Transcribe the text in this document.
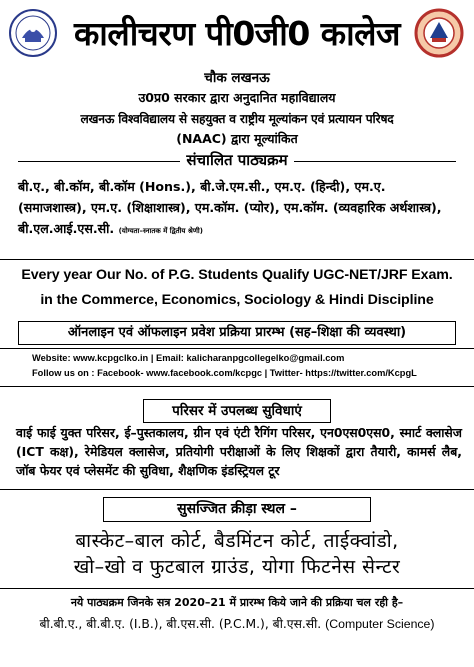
कालीचरण पी0जी0 कालेज
चौक लखनऊ
उ0प्र0 सरकार द्वारा अनुदानित महाविद्यालय
लखनऊ विश्वविद्यालय से सहयुक्त व राष्ट्रीय मूल्यांकन एवं प्रत्यायन परिषद
(NAAC) द्वारा मूल्यांकित
संचालित पाठ्यक्रम
बी.ए., बी.कॉम, बी.कॉम (Hons.), बी.जे.एम.सी., एम.ए. (हिन्दी), एम.ए. (समाजशास्त्र), एम.ए. (शिक्षाशास्त्र), एम.कॉम. (प्योर), एम.कॉम. (व्यवहारिक अर्थशास्त्र), बी.एल.आई.एस.सी. (योग्यता–स्नातक में द्वितीय श्रेणी)
Every year Our No. of P.G. Students Qualify UGC-NET/JRF Exam.
in the Commerce, Economics, Sociology & Hindi Discipline
ऑनलाइन एवं ऑफलाइन प्रवेश प्रक्रिया प्रारम्भ (सह–शिक्षा की व्यवस्था)
Website: www.kcpgclko.in | Email: kalicharanpgcollegelko@gmail.com
Follow us on : Facebook- www.facebook.com/kcpgc | Twitter- https://twitter.com/KcpgL
परिसर में उपलब्ध सुविधाएं
वाई फाई युक्त परिसर, ई–पुस्तकालय, ग्रीन एवं एंटी रैगिंग परिसर, एन0एस0एस0, स्मार्ट क्लासेज (ICT कक्ष), रेमेडियल क्लासेज, प्रतियोगी परीक्षाओं के लिए शिक्षकों द्वारा तैयारी, कामर्स लैब, जॉब फेयर एवं प्लेसमेंट की सुविधा, शैक्षणिक इंडस्ट्रियल टूर
सुसज्जित क्रीड़ा स्थल –
बास्केट–बाल कोर्ट, बैडमिंटन कोर्ट, ताईक्वांडो,
खो–खो व फुटबाल ग्राउंड, योगा फिटनेस सेन्टर
नये पाठ्यक्रम जिनके सत्र 2020–21 में प्रारम्भ किये जाने की प्रक्रिया चल रही है–
बी.बी.ए., बी.बी.ए. (I.B.), बी.एस.सी. (P.C.M.), बी.एस.सी. (Computer Science)
